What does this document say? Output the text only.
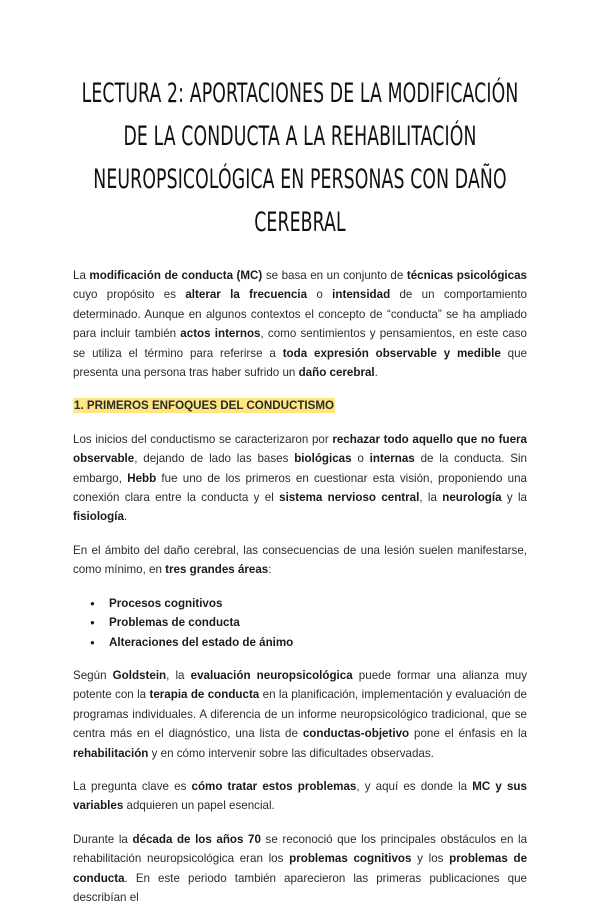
LECTURA 2: APORTACIONES DE LA MODIFICACIÓN DE LA CONDUCTA A LA REHABILITACIÓN NEUROPSICOLÓGICA EN PERSONAS CON DAÑO CEREBRAL

La modificación de conducta (MC) se basa en un conjunto de técnicas psicológicas cuyo propósito es alterar la frecuencia o intensidad de un comportamiento determinado. Aunque en algunos contextos el concepto de “conducta” se ha ampliado para incluir también actos internos, como sentimientos y pensamientos, en este caso se utiliza el término para referirse a toda expresión observable y medible que presenta una persona tras haber sufrido un daño cerebral.

1. PRIMEROS ENFOQUES DEL CONDUCTISMO

Los inicios del conductismo se caracterizaron por rechazar todo aquello que no fuera observable, dejando de lado las bases biológicas o internas de la conducta. Sin embargo, Hebb fue uno de los primeros en cuestionar esta visión, proponiendo una conexión clara entre la conducta y el sistema nervioso central, la neurología y la fisiología.

En el ámbito del daño cerebral, las consecuencias de una lesión suelen manifestarse, como mínimo, en tres grandes áreas:

● Procesos cognitivos
● Problemas de conducta
● Alteraciones del estado de ánimo

Según Goldstein, la evaluación neuropsicológica puede formar una alianza muy potente con la terapia de conducta en la planificación, implementación y evaluación de programas individuales. A diferencia de un informe neuropsicológico tradicional, que se centra más en el diagnóstico, una lista de conductas-objetivo pone el énfasis en la rehabilitación y en cómo intervenir sobre las dificultades observadas.

La pregunta clave es cómo tratar estos problemas, y aquí es donde la MC y sus variables adquieren un papel esencial.

Durante la década de los años 70 se reconoció que los principales obstáculos en la rehabilitación neuropsicológica eran los problemas cognitivos y los problemas de conducta. En este periodo también aparecieron las primeras publicaciones que describían el
